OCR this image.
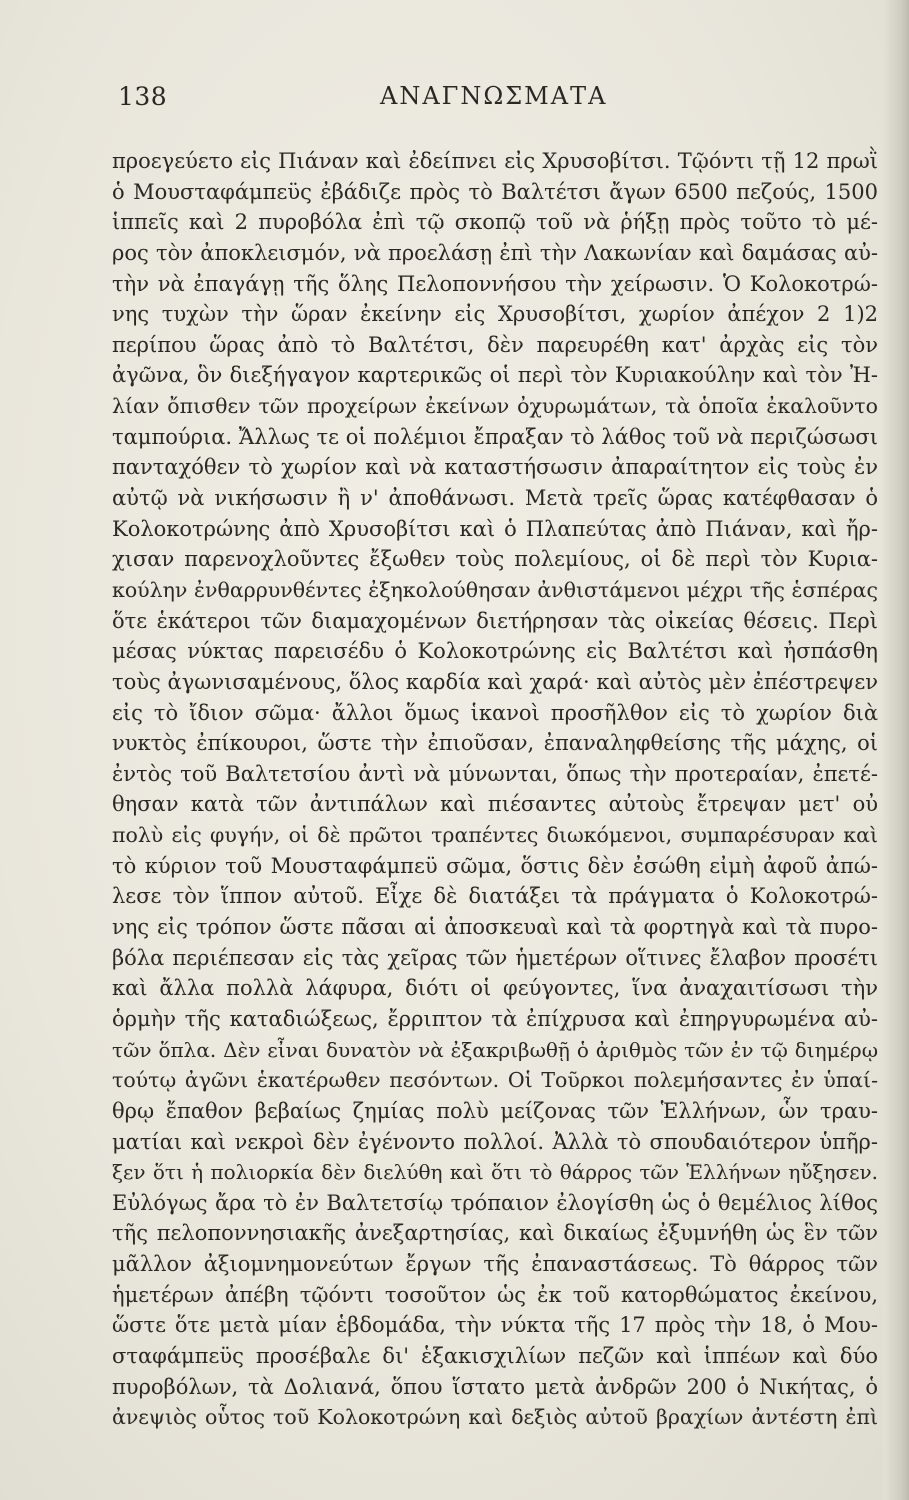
138	ΑΝΑΓΝΩΣΜΑΤΑ
προεγεύετο εἰς Πιάναν καὶ ἐδείπνει εἰς Χρυσοβίτσι. Τῷόντι τῇ 12 πρωῒ
ὁ Μουσταφάμπεϋς ἐβάδιζε πρὸς τὸ Βαλτέτσι ἄγων 6500 πεζούς, 1500
ἱππεῖς καὶ 2 πυροβόλα ἐπὶ τῷ σκοπῷ τοῦ νὰ ῥήξῃ πρὸς τοῦτο τὸ μέ-
ρος τὸν ἀποκλεισμόν, νὰ προελάσῃ ἐπὶ τὴν Λακωνίαν καὶ δαμάσας αὐ-
τὴν νὰ ἐπαγάγῃ τῆς ὅλης Πελοποννήσου τὴν χείρωσιν. Ὁ Κολοκοτρώ-
νης τυχὼν τὴν ὥραν ἐκείνην εἰς Χρυσοβίτσι, χωρίον ἀπέχον 2 1)2
περίπου ὥρας ἀπὸ τὸ Βαλτέτσι, δὲν παρευρέθη κατ' ἀρχὰς εἰς τὸν
ἀγῶνα, ὃν διεξήγαγον καρτερικῶς οἱ περὶ τὸν Κυριακούλην καὶ τὸν Ἠ-
λίαν ὄπισθεν τῶν προχείρων ἐκείνων ὀχυρωμάτων, τὰ ὁποῖα ἐκαλοῦντο
ταμπούρια. Ἄλλως τε οἱ πολέμιοι ἔπραξαν τὸ λάθος τοῦ νὰ περιζώσωσι
πανταχόθεν τὸ χωρίον καὶ νὰ καταστήσωσιν ἀπαραίτητον εἰς τοὺς ἐν
αὐτῷ νὰ νικήσωσιν ἢ ν' ἀποθάνωσι. Μετὰ τρεῖς ὥρας κατέφθασαν ὁ
Κολοκοτρώνης ἀπὸ Χρυσοβίτσι καὶ ὁ Πλαπεύτας ἀπὸ Πιάναν, καὶ ἤρ-
χισαν παρενοχλοῦντες ἔξωθεν τοὺς πολεμίους, οἱ δὲ περὶ τὸν Κυρια-
κούλην ἐνθαρρυνθέντες ἐξηκολούθησαν ἀνθιστάμενοι μέχρι τῆς ἑσπέρας
ὅτε ἑκάτεροι τῶν διαμαχομένων διετήρησαν τὰς οἰκείας θέσεις. Περὶ
μέσας νύκτας παρεισέδυ ὁ Κολοκοτρώνης εἰς Βαλτέτσι καὶ ἠσπάσθη
τοὺς ἀγωνισαμένους, ὅλος καρδία καὶ χαρά· καὶ αὐτὸς μὲν ἐπέστρεψεν
εἰς τὸ ἴδιον σῶμα· ἄλλοι ὅμως ἱκανοὶ προσῆλθον εἰς τὸ χωρίον διὰ
νυκτὸς ἐπίκουροι, ὥστε τὴν ἐπιοῦσαν, ἐπαναληφθείσης τῆς μάχης, οἱ
ἐντὸς τοῦ Βαλτετσίου ἀντὶ νὰ μύνωνται, ὅπως τὴν προτεραίαν, ἐπετέ-
θησαν κατὰ τῶν ἀντιπάλων καὶ πιέσαντες αὐτοὺς ἔτρεψαν μετ' οὐ
πολὺ εἰς φυγήν, οἱ δὲ πρῶτοι τραπέντες διωκόμενοι, συμπαρέσυραν καὶ
τὸ κύριον τοῦ Μουσταφάμπεϋ σῶμα, ὅστις δὲν ἐσώθη εἰμὴ ἀφοῦ ἀπώ-
λεσε τὸν ἵππον αὐτοῦ. Εἶχε δὲ διατάξει τὰ πράγματα ὁ Κολοκοτρώ-
νης εἰς τρόπον ὥστε πᾶσαι αἱ ἀποσκευαὶ καὶ τὰ φορτηγὰ καὶ τὰ πυρο-
βόλα περιέπεσαν εἰς τὰς χεῖρας τῶν ἡμετέρων οἵτινες ἔλαβον προσέτι
καὶ ἄλλα πολλὰ λάφυρα, διότι οἱ φεύγοντες, ἵνα ἀναχαιτίσωσι τὴν
ὁρμὴν τῆς καταδιώξεως, ἔρριπτον τὰ ἐπίχρυσα καὶ ἐπηργυρωμένα αὐ-
τῶν ὅπλα. Δὲν εἶναι δυνατὸν νὰ ἐξακριβωθῇ ὁ ἀριθμὸς τῶν ἐν τῷ διημέρῳ
τούτῳ ἀγῶνι ἑκατέρωθεν πεσόντων. Οἱ Τοῦρκοι πολεμήσαντες ἐν ὑπαί-
θρῳ ἔπαθον βεβαίως ζημίας πολὺ μείζονας τῶν Ἑλλήνων, ὧν τραυ-
ματίαι καὶ νεκροὶ δὲν ἐγένοντο πολλοί. Ἀλλὰ τὸ σπουδαιότερον ὑπῆρ-
ξεν ὅτι ἡ πολιορκία δὲν διελύθη καὶ ὅτι τὸ θάρρος τῶν Ἑλλήνων ηὔξησεν.
Εὐλόγως ἄρα τὸ ἐν Βαλτετσίῳ τρόπαιον ἐλογίσθη ὡς ὁ θεμέλιος λίθος
τῆς πελοποννησιακῆς ἀνεξαρτησίας, καὶ δικαίως ἐξυμνήθη ὡς ἓν τῶν
μᾶλλον ἀξιομνημονεύτων ἔργων τῆς ἐπαναστάσεως. Τὸ θάρρος τῶν
ἡμετέρων ἀπέβη τῷόντι τοσοῦτον ὡς ἐκ τοῦ κατορθώματος ἐκείνου,
ὥστε ὅτε μετὰ μίαν ἑβδομάδα, τὴν νύκτα τῆς 17 πρὸς τὴν 18, ὁ Μου-
σταφάμπεϋς προσέβαλε δι' ἑξακισχιλίων πεζῶν καὶ ἱππέων καὶ δύο
πυροβόλων, τὰ Δολιανά, ὅπου ἵστατο μετὰ ἀνδρῶν 200 ὁ Νικήτας, ὁ
ἀνεψιὸς οὗτος τοῦ Κολοκοτρώνη καὶ δεξιὸς αὐτοῦ βραχίων ἀντέστη ἐπὶ
